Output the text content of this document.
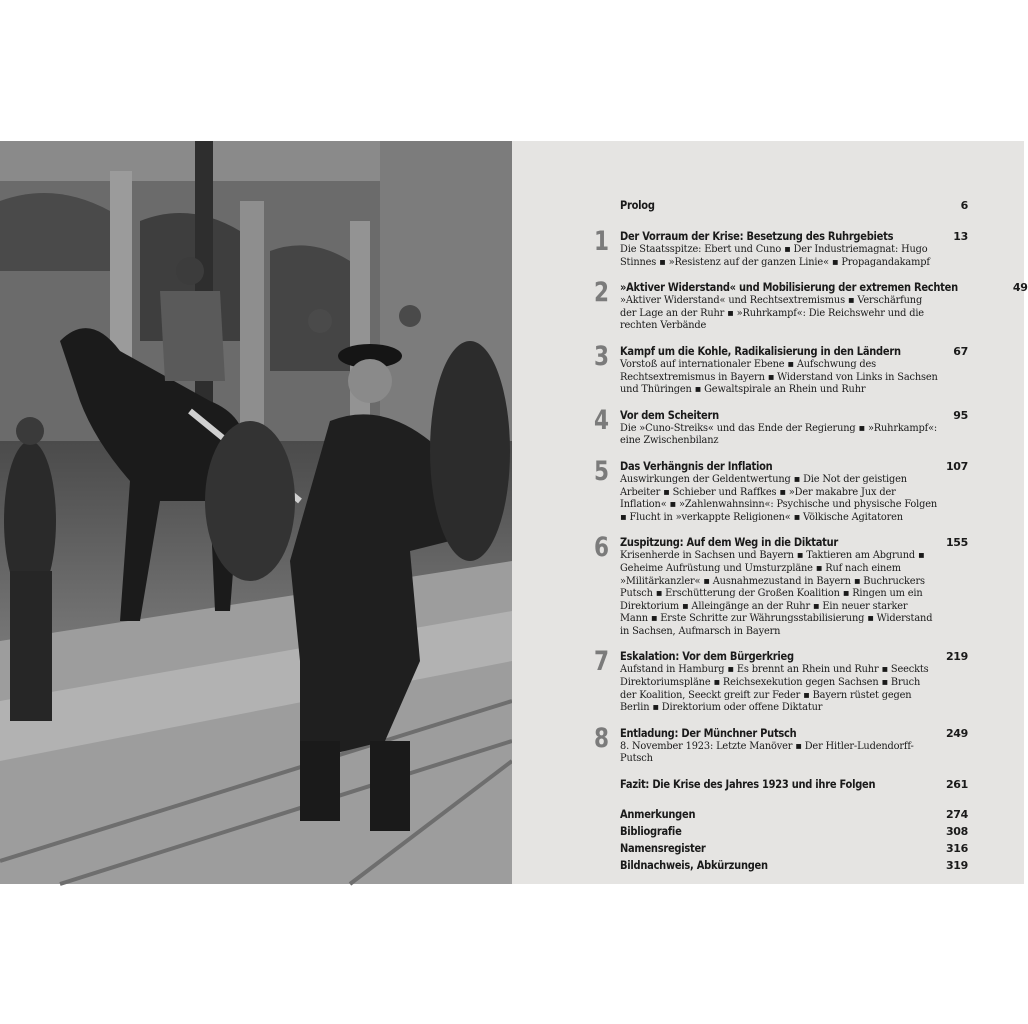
Prolog	6
1 Der Vorraum der Krise: Besetzung des Ruhrgebiets	13
Die Staatsspitze: Ebert und Cuno ▪ Der Industriemagnat: Hugo Stinnes ▪ »Resistenz auf der ganzen Linie« ▪ Propagandakampf
2 »Aktiver Widerstand« und Mobilisierung der extremen Rechten	49
»Aktiver Widerstand« und Rechtsextremismus ▪ Verschärfung der Lage an der Ruhr ▪ »Ruhrkampf«: Die Reichswehr und die rechten Verbände
3 Kampf um die Kohle, Radikalisierung in den Ländern	67
Vorstoß auf internationaler Ebene ▪ Aufschwung des Rechtsextremismus in Bayern ▪ Widerstand von Links in Sachsen und Thüringen ▪ Gewaltspirale an Rhein und Ruhr
4 Vor dem Scheitern	95
Die »Cuno-Streiks« und das Ende der Regierung ▪ »Ruhrkampf«: eine Zwischenbilanz
5 Das Verhängnis der Inflation	107
Auswirkungen der Geldentwertung ▪ Die Not der geistigen Arbeiter ▪ Schieber und Raffkes ▪ »Der makabre Jux der Inflation« ▪ »Zahlenwahnsinn«: Psychische und physische Folgen ▪ Flucht in »verkappte Religionen« ▪ Völkische Agitatoren
6 Zuspitzung: Auf dem Weg in die Diktatur	155
Krisenherde in Sachsen und Bayern ▪ Taktieren am Abgrund ▪ Geheime Aufrüstung und Umsturzpläne ▪ Ruf nach einem »Militärkanzler« ▪ Ausnahmezustand in Bayern ▪ Buchruckers Putsch ▪ Erschütterung der Großen Koalition ▪ Ringen um ein Direktorium ▪ Alleingänge an der Ruhr ▪ Ein neuer starker Mann ▪ Erste Schritte zur Währungsstabilisierung ▪ Widerstand in Sachsen, Aufmarsch in Bayern
7 Eskalation: Vor dem Bürgerkrieg	219
Aufstand in Hamburg ▪ Es brennt an Rhein und Ruhr ▪ Seeckts Direktoriumspläne ▪ Reichsexekution gegen Sachsen ▪ Bruch der Koalition, Seeckt greift zur Feder ▪ Bayern rüstet gegen Berlin ▪ Direktorium oder offene Diktatur
8 Entladung: Der Münchner Putsch	249
8. November 1923: Letzte Manöver ▪ Der Hitler-Ludendorff-Putsch
Fazit: Die Krise des Jahres 1923 und ihre Folgen	261
Anmerkungen	274
Bibliografie	308
Namensregister	316
Bildnachweis, Abkürzungen	319
